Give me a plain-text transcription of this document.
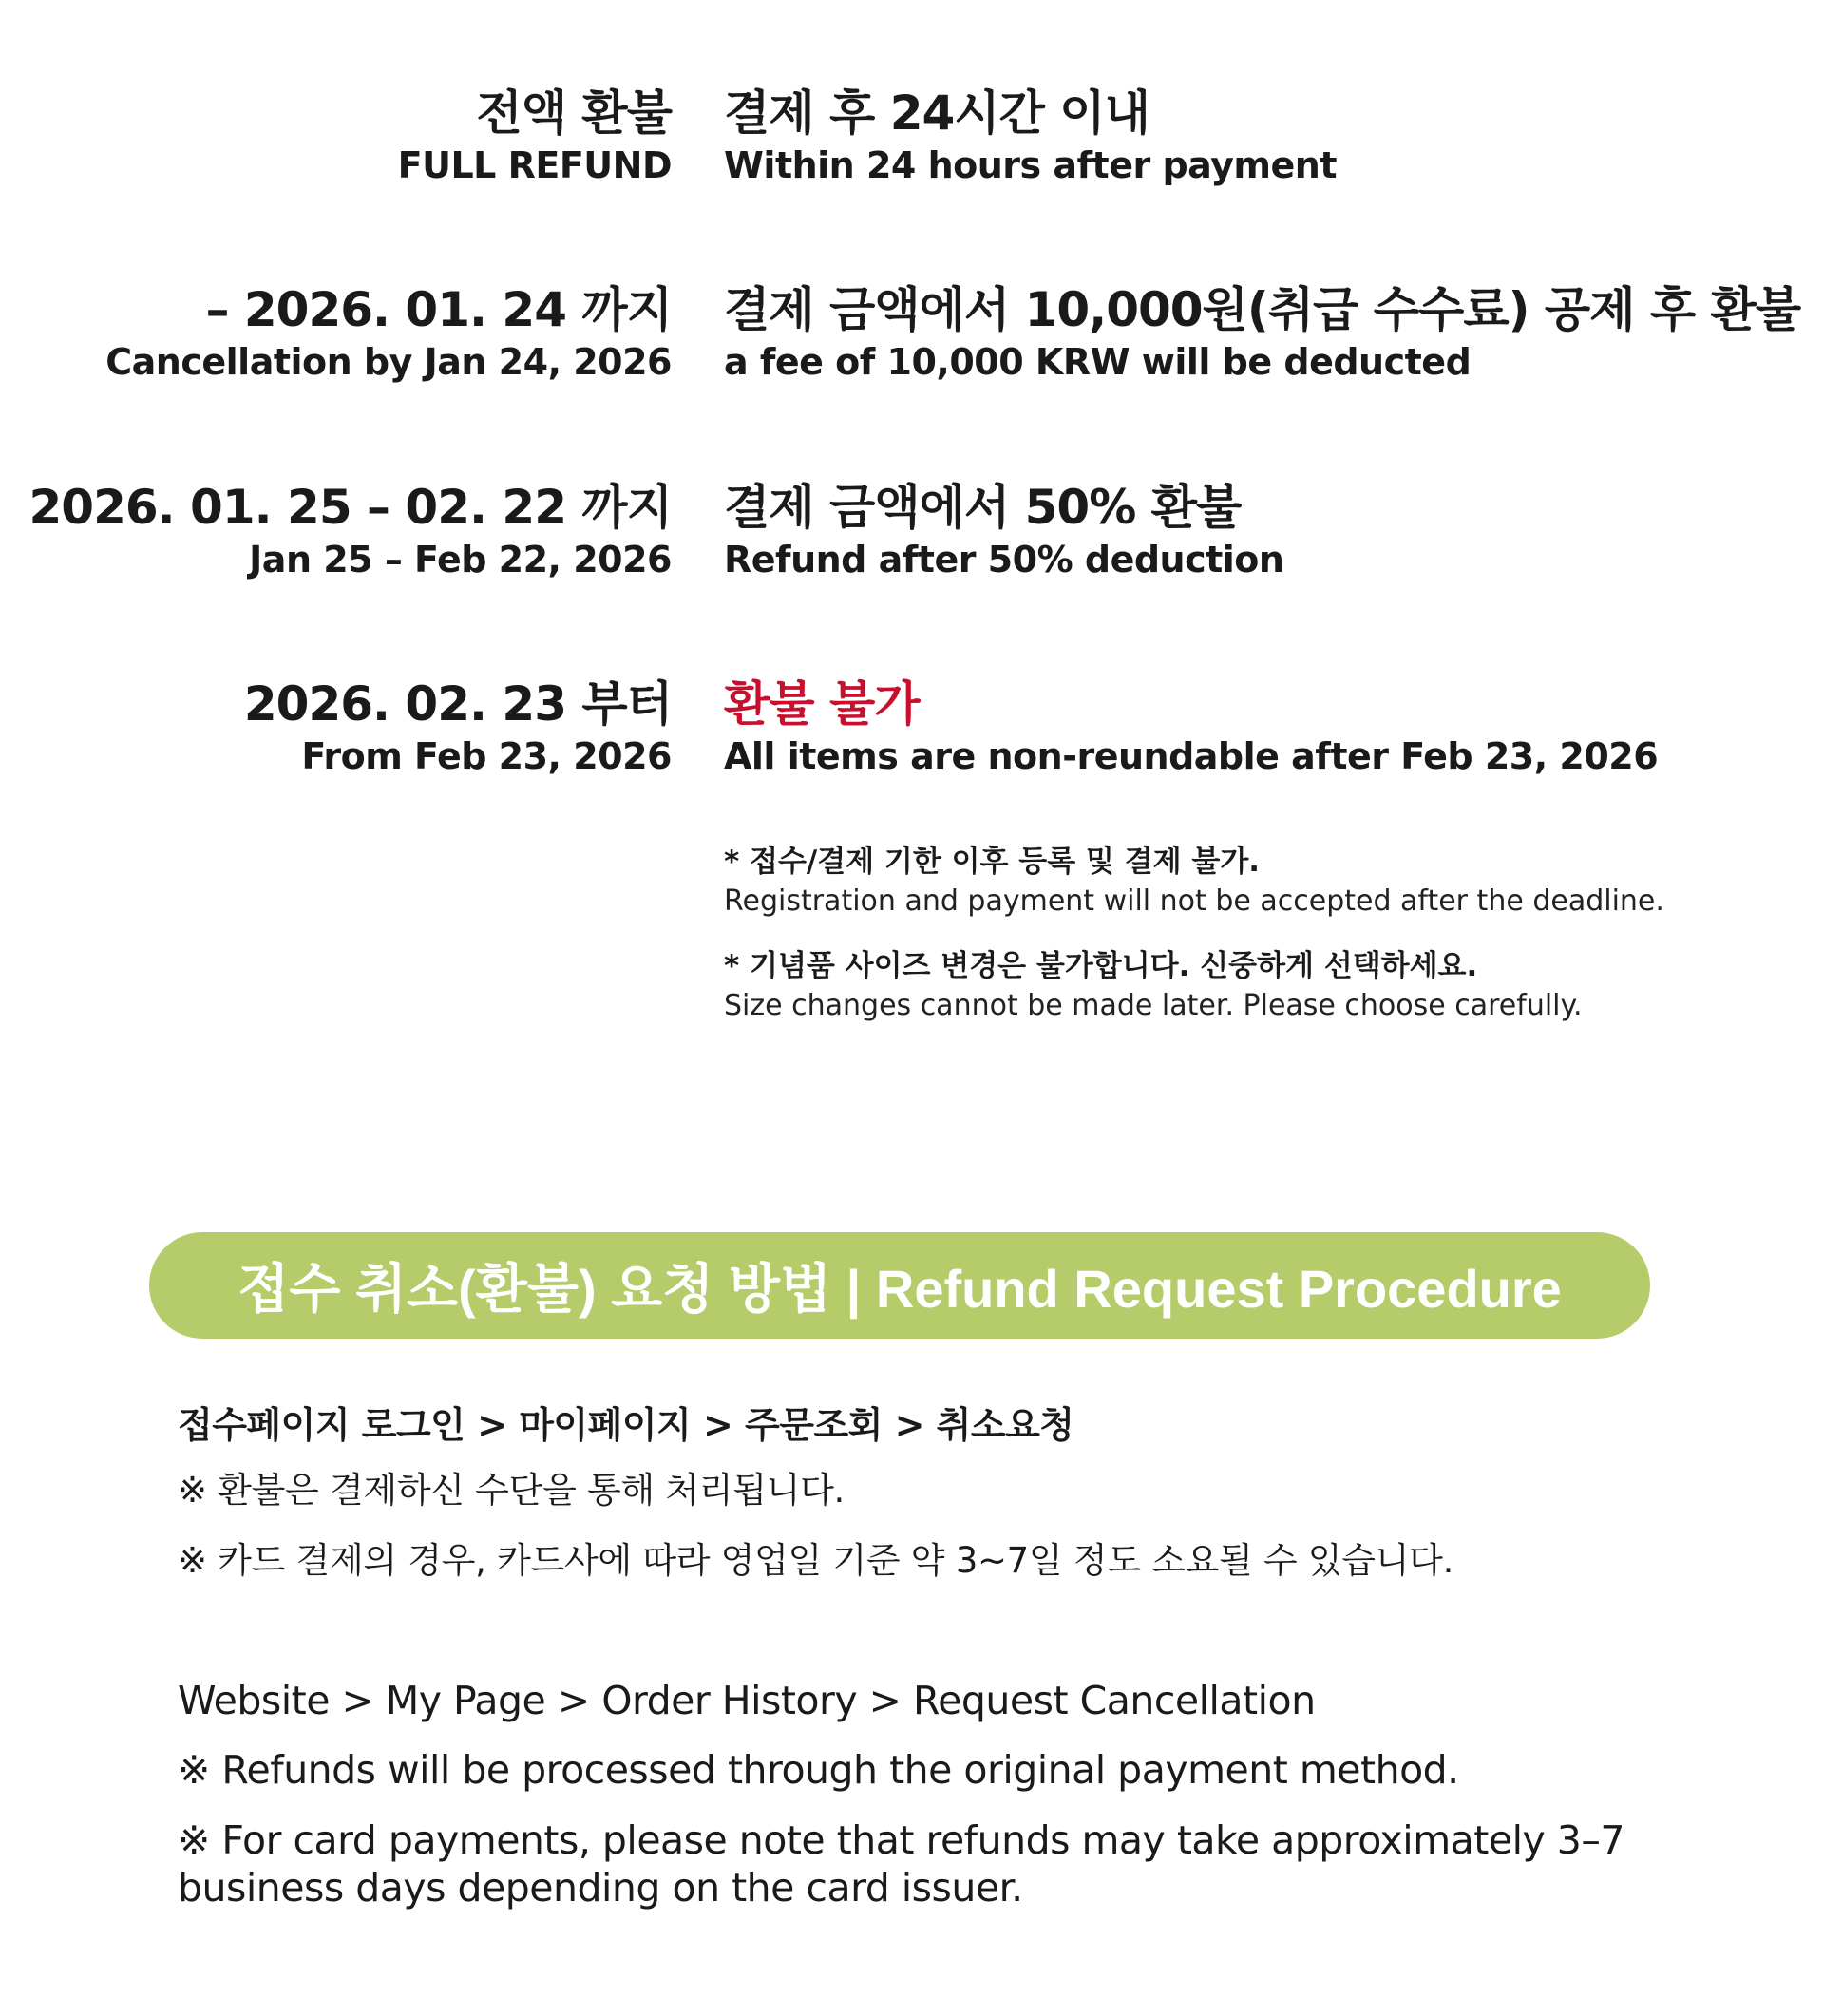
전액 환불
FULL REFUND
결제 후 24시간 이내
Within 24 hours after payment
– 2026. 01. 24 까지
Cancellation by Jan 24, 2026
결제 금액에서 10,000원(취급 수수료) 공제 후 환불
a fee of 10,000 KRW will be deducted
2026. 01. 25 – 02. 22 까지
Jan 25 – Feb 22, 2026
결제 금액에서 50% 환불
Refund after 50% deduction
2026. 02. 23 부터
From Feb 23, 2026
환불 불가
All items are non-reundable after Feb 23, 2026
* 접수/결제 기한 이후 등록 및 결제 불가.
Registration and payment will not be accepted after the deadline.
* 기념품 사이즈 변경은 불가합니다. 신중하게 선택하세요.
Size changes cannot be made later. Please choose carefully.
접수 취소(환불) 요청 방법 | Refund Request Procedure
접수페이지 로그인 > 마이페이지 > 주문조회 > 취소요청
※ 환불은 결제하신 수단을 통해 처리됩니다.
※ 카드 결제의 경우, 카드사에 따라 영업일 기준 약 3~7일 정도 소요될 수 있습니다.
Website > My Page > Order History > Request Cancellation
※ Refunds will be processed through the original payment method.
※ For card payments, please note that refunds may take approximately 3–7 business days depending on the card issuer.
